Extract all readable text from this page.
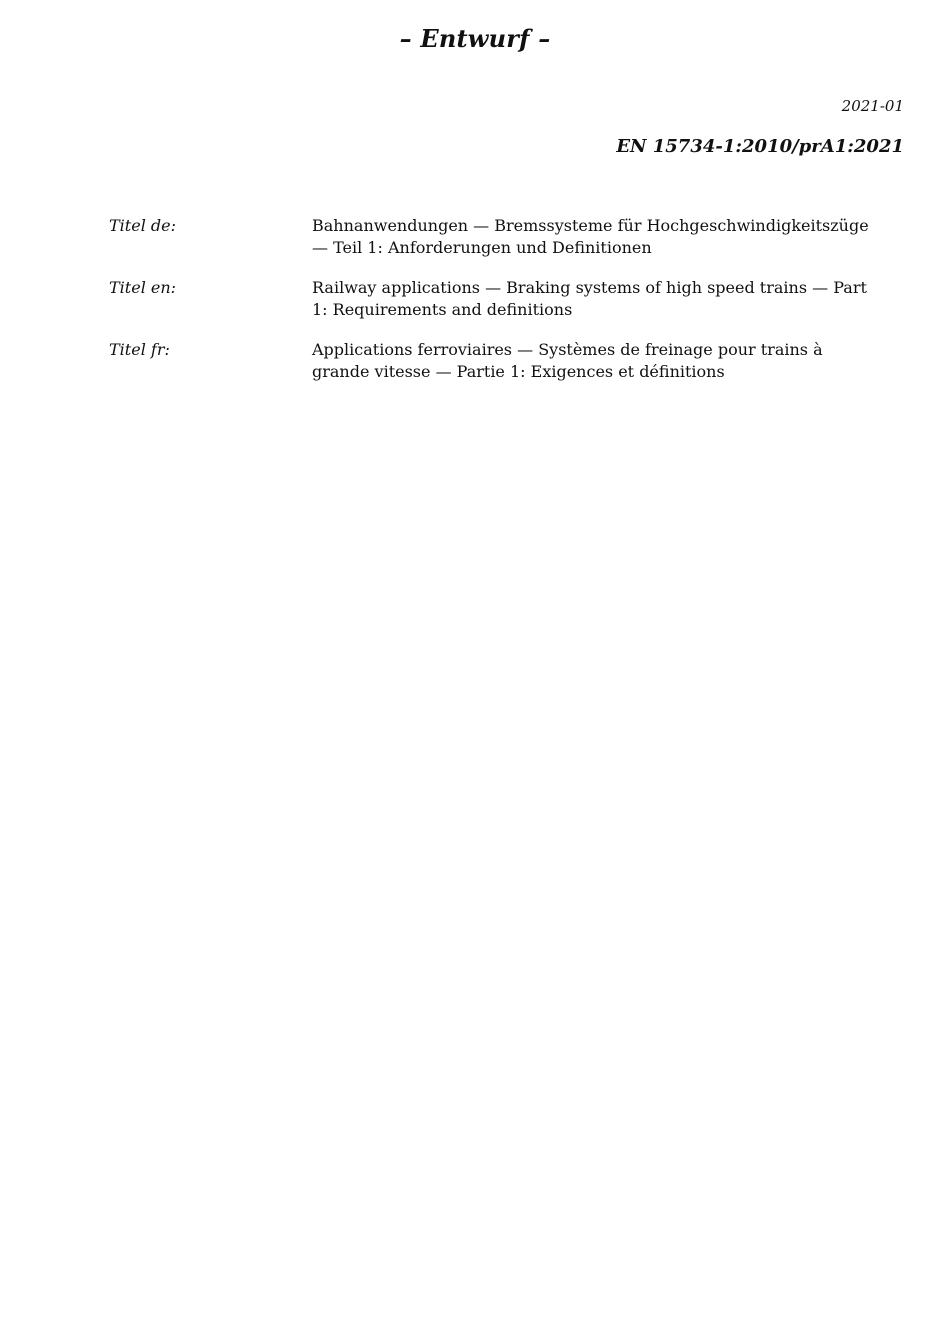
– Entwurf –
2021-01
EN 15734-1:2010/prA1:2021
Titel de:	Bahnanwendungen — Bremssysteme für Hochgeschwindigkeitszüge — Teil 1: Anforderungen und Definitionen
Titel en:	Railway applications — Braking systems of high speed trains — Part 1: Requirements and definitions
Titel fr:	Applications ferroviaires — Systèmes de freinage pour trains à grande vitesse — Partie 1: Exigences et définitions
